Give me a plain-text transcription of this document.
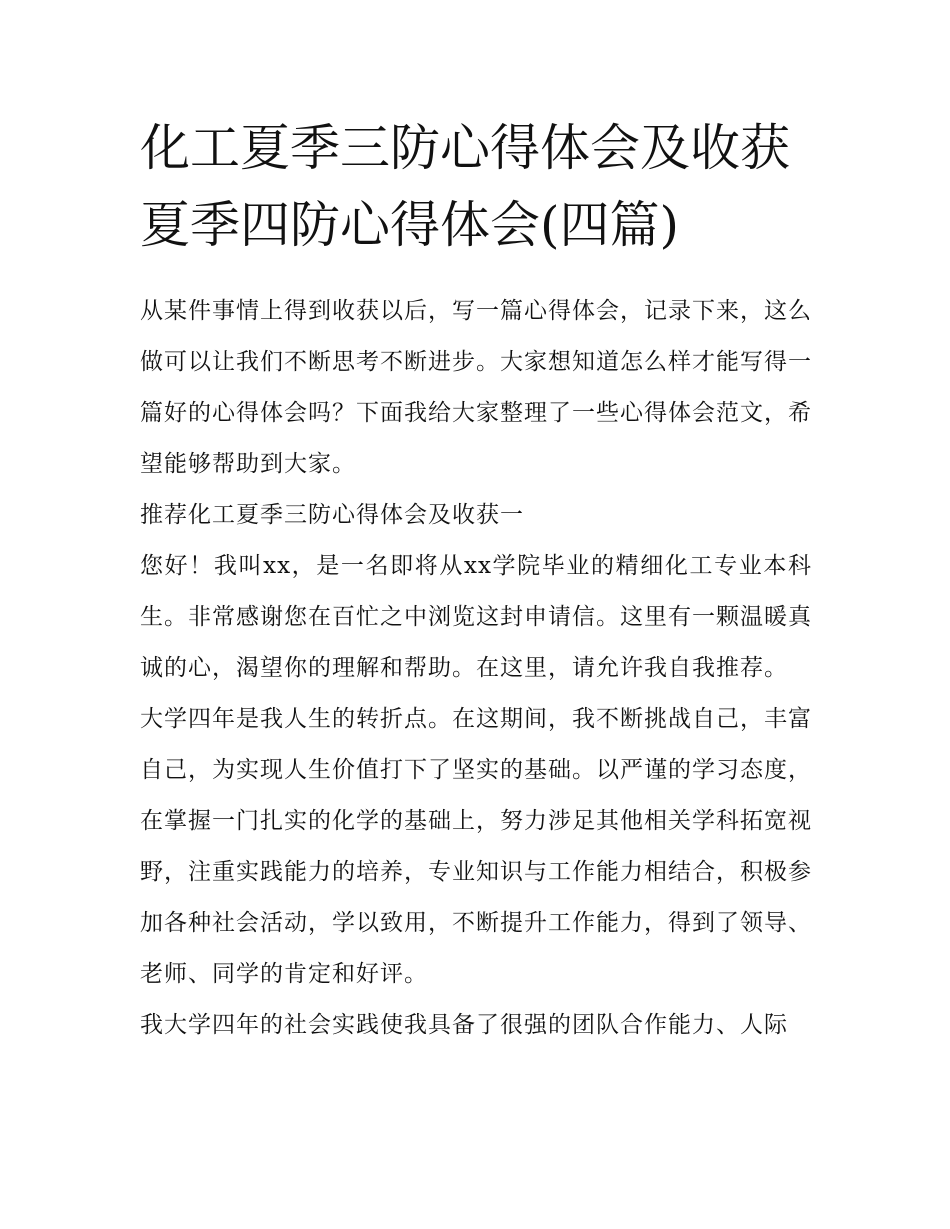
化工夏季三防心得体会及收获夏季四防心得体会(四篇)

从某件事情上得到收获以后，写一篇心得体会，记录下来，这么做可以让我们不断思考不断进步。大家想知道怎么样才能写得一篇好的心得体会吗？下面我给大家整理了一些心得体会范文，希望能够帮助到大家。

推荐化工夏季三防心得体会及收获一

您好！我叫xx，是一名即将从xx学院毕业的精细化工专业本科生。非常感谢您在百忙之中浏览这封申请信。这里有一颗温暖真诚的心，渴望你的理解和帮助。在这里，请允许我自我推荐。

大学四年是我人生的转折点。在这期间，我不断挑战自己，丰富自己，为实现人生价值打下了坚实的基础。以严谨的学习态度，在掌握一门扎实的化学的基础上，努力涉足其他相关学科拓宽视野，注重实践能力的培养，专业知识与工作能力相结合，积极参加各种社会活动，学以致用，不断提升工作能力，得到了领导、老师、同学的肯定和好评。

我大学四年的社会实践使我具备了很强的团队合作能力、人际
